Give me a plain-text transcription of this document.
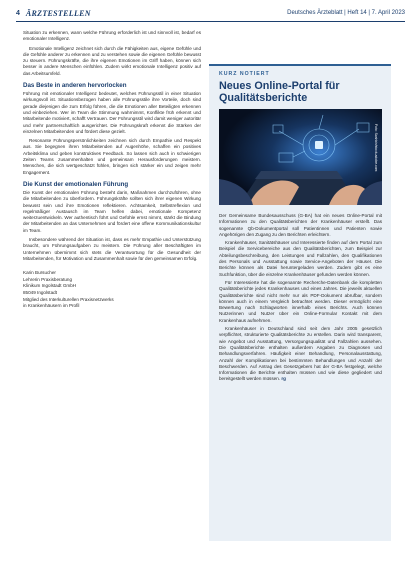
4 ÄRZTESTELLEN	Deutsches Ärzteblatt | Heft 14 | 7. April 2023

Situation zu erkennen, wann welche Führung erforderlich ist und sinnvoll ist, bedarf es emotionaler Intelligenz.

Emotionale Intelligenz zeichnet sich durch die Fähigkeiten aus, eigene Gefühle und die Gefühle anderer zu erkennen und zu verstehen sowie die eigenen Gefühle bewusst zu steuern. Führungskräfte, die ihre eigenen Emotionen im Griff haben, können sich besser in andere Menschen einfühlen. Zudem wirkt emotionale Intelligenz positiv auf das Arbeitsumfeld.

Das Beste in anderen hervorlocken

Führung mit emotionaler Intelligenz bedeutet, welches Führungsstil in einer Situation wirkungsvoll ist. Situationsbezogen haben alle Führungsstile ihre Vorteile, doch sind gerade diejenigen die zum Erfolg führen, die die Emotionen aller Beteiligten erkennen und einbeziehen. Wer im Team die Stimmung wahrnimmt, Konflikte früh erkennt und Mitarbeitende motiviert, schafft Vertrauen. Der Führungsstil wird damit weniger autoritär und mehr partnerschaftlich ausgerichtet. Die Führungskraft erkennt die Stärken der einzelnen Mitarbeitenden und fördert diese gezielt.

Resonante Führungspersönlichkeiten zeichnen sich durch Empathie und Respekt aus. Sie begegnen ihren Mitarbeitenden auf Augenhöhe, schaffen ein positives Arbeitsklima und geben konstruktives Feedback. So lassen sich auch in schwierigen Zeiten Teams zusammenhalten und gemeinsam Herausforderungen meistern. Menschen, die sich wertgeschätzt fühlen, bringen sich stärker ein und zeigen mehr Engagement.

Die Kunst der emotionalen Führung

Die Kunst der emotionalen Führung besteht darin, Maßnahmen durchzuführen, ohne die Mitarbeitenden zu überfordern. Führungskräfte sollten sich ihrer eigenen Wirkung bewusst sein und ihre Emotionen reflektieren. Achtsamkeit, Selbstreflexion und regelmäßiger Austausch im Team helfen dabei, emotionale Kompetenz weiterzuentwickeln. Wer authentisch führt und Gefühle ernst nimmt, stärkt die Bindung der Mitarbeitenden an das Unternehmen und fördert eine offene Kommunikationskultur im Team.

Insbesondere während der Situation ist, dass es mehr Empathie und Unterstützung braucht, um Führungsaufgaben zu meistern. Die Führung aller Beschäftigten im Unternehmen übernimmt sich stets die Verantwortung für die Gesundheit der Mitarbeitenden, für Motivation und Zusammenhalt sowie für den gemeinsamen Erfolg.

Karin Bursucher
Lehrerin Praxisberatung
Klinikum Ingolstadt GmbH
85049 Ingolstadt
Mitglied des Interkulturellen Praxisnetzwerks
in Krankenhäusern im Profil
KURZ NOTIERT
Neues Online-Portal für Qualitätsberichte
Foto: Sashkin/stock.adobe.com

Der Gemeinsame Bundesausschuss (G-BA) hat ein neues Online-Portal mit Informationen zu den Qualitätsberichten der Krankenhäuser erstellt. Das sogenannte Qb-Dokumentportal soll Patientinnen und Patienten sowie Angehörigen den Zugang zu den Berichten erleichtern.

Krankenhäuser, Sanitätshäuser und Interessierte finden auf dem Portal zum Beispiel die Servicebereiche aus den Qualitätsberichten, zum Beispiel zur Abteilungsbeschreibung, den Leistungen und Fallzahlen, den Qualifikationen des Personals und Ausstattung sowie Service-Angeboten der Häuser. Die Berichte können als Datei heruntergeladen werden. Zudem gibt es eine Suchfunktion, über die einzelne Krankenhäuser gefunden werden können.

Für Interessierte hat die sogenannte Recherche-Datenbank die kompletten Qualitätsberichte jedes Krankenhauses und eines Jahres. Die jeweils aktuellen Qualitätsberichte sind nicht mehr nur als PDF-Dokument abrufbar, sondern können auch in einem Vergleich betrachtet werden. Dieser ermöglicht eine Bewertung nach Schlagworten innerhalb eines Berichts. Auch können Nutzerinnen und Nutzer über ein Online-Formular Kontakt mit dem Krankenhaus aufnehmen.

Krankenhäuser in Deutschland sind seit dem Jahr 2005 gesetzlich verpflichtet, strukturierte Qualitätsberichte zu erstellen. Darin wird transparent, wie Angebot und Ausstattung, Versorgungsqualität und Fallzahlen aussehen. Die Qualitätsberichte enthalten außerdem Angaben zu Diagnosen und Behandlungsverfahren. Häufigkeit einer Behandlung, Personalausstattung, Anzahl der Komplikationen bei bestimmten Behandlungen und Anzahl der Beschwerden. Auf Antrag des Gesetzgebers hat der G-BA festgelegt, welche Informationen die Berichte enthalten müssen und wie diese gegliedert und bereitgestellt werden müssen. rg
